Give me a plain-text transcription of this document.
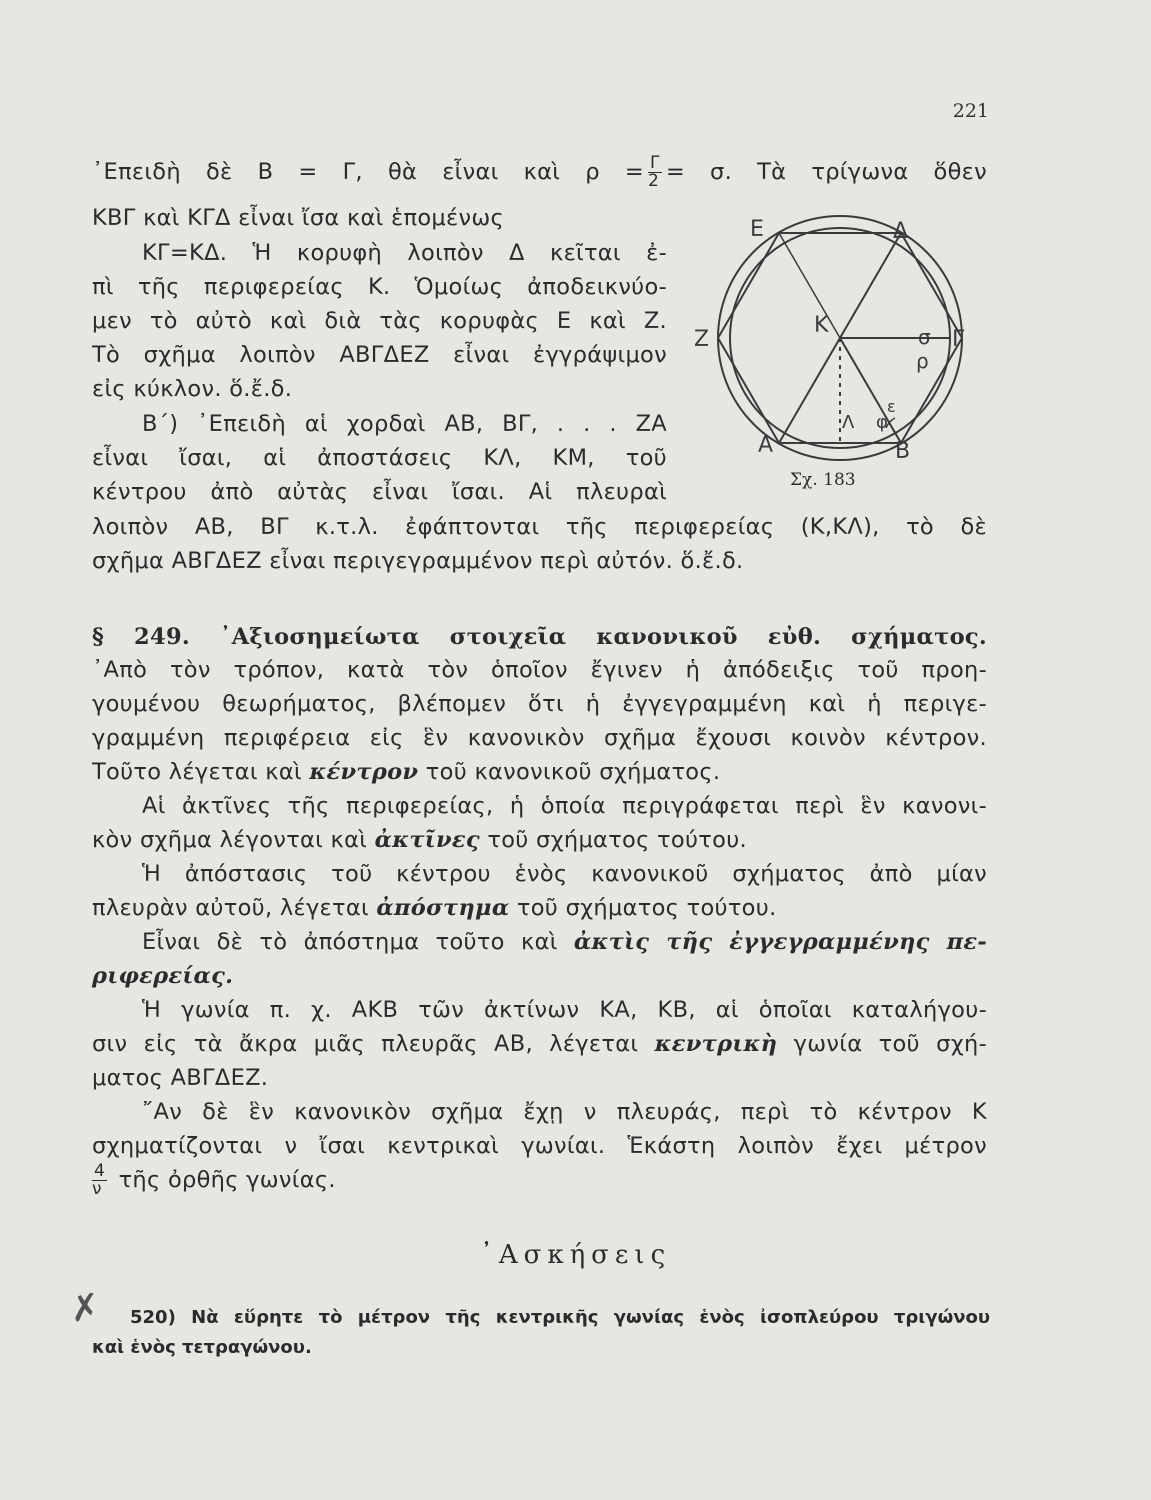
221
᾿Επειδὴ δὲ Β = Γ, θὰ εἶναι καὶ $\rho = \frac{\Gamma}{2} = \sigma$. Τὰ τρίγωνα ὅθεν
ΚΒΓ καὶ ΚΓΔ εἶναι ἴσα καὶ ἑπομένως
ΚΓ=ΚΔ. Ἡ κορυφὴ λοιπὸν Δ κεῖται ἐ-
πὶ τῆς περιφερείας Κ. Ὁμοίως ἀποδεικνύο-
μεν τὸ αὐτὸ καὶ διὰ τὰς κορυφὰς Ε καὶ Ζ.
Τὸ σχῆμα λοιπὸν ΑΒΓΔΕΖ εἶναι ἐγγράψιμον
εἰς κύκλον. ὅ.ἔ.δ.
Β΄) ᾿Επειδὴ αἱ χορδαὶ ΑΒ, ΒΓ, . . . ΖΑ
εἶναι ἴσαι, αἱ ἀποστάσεις ΚΛ, ΚΜ, τοῦ
κέντρου ἀπὸ αὐτὰς εἶναι ἴσαι. Αἱ πλευραὶ
λοιπὸν ΑΒ, ΒΓ κ.τ.λ. ἐφάπτονται τῆς περιφερείας (Κ,ΚΛ), τὸ δὲ
σχῆμα ΑΒΓΔΕΖ εἶναι περιγεγραμμένον περὶ αὐτόν. ὅ.ἔ.δ.
Ε	Δ
Ζ
Κ
Γ
Α	Β
Λ
ρ
σ
φ
ε
Σχ. 183
§ 249. ᾿Αξιοσημείωτα στοιχεῖα κανονικοῦ εὐθ. σχήματος.
᾿Απὸ τὸν τρόπον, κατὰ τὸν ὁποῖον ἔγινεν ἡ ἀπόδειξις τοῦ προη-
γουμένου θεωρήματος, βλέπομεν ὅτι ἡ ἐγγεγραμμένη καὶ ἡ περιγε-
γραμμένη περιφέρεια εἰς ἓν κανονικὸν σχῆμα ἔχουσι κοινὸν κέντρον.
Τοῦτο λέγεται καὶ κέντρον τοῦ κανονικοῦ σχήματος.
Αἱ ἀκτῖνες τῆς περιφερείας, ἡ ὁποία περιγράφεται περὶ ἓν κανονι-
κὸν σχῆμα λέγονται καὶ ἀκτῖνες τοῦ σχήματος τούτου.
Ἡ ἀπόστασις τοῦ κέντρου ἑνὸς κανονικοῦ σχήματος ἀπὸ μίαν
πλευρὰν αὐτοῦ, λέγεται ἀπόστημα τοῦ σχήματος τούτου.
Εἶναι δὲ τὸ ἀπόστημα τοῦτο καὶ ἀκτὶς τῆς ἐγγεγραμμένης πε-
ριφερείας.
Ἡ γωνία π. χ. ΑΚΒ τῶν ἀκτίνων ΚΑ, ΚΒ, αἱ ὁποῖαι καταλήγου-
σιν εἰς τὰ ἄκρα μιᾶς πλευρᾶς ΑΒ, λέγεται κεντρικὴ γωνία τοῦ σχή-
ματος ΑΒΓΔΕΖ.
῎Αν δὲ ἓν κανονικὸν σχῆμα ἔχῃ ν πλευράς, περὶ τὸ κέντρον Κ
σχηματίζονται ν ἴσαι κεντρικαὶ γωνίαι. Ἑκάστη λοιπὸν ἔχει μέτρον
$\frac{4}{\nu}$ τῆς ὀρθῆς γωνίας.
᾿Ασκήσεις
✗ 520) Νὰ εὕρητε τὸ μέτρον τῆς κεντρικῆς γωνίας ἑνὸς ἰσοπλεύρου τριγώνου
καὶ ἑνὸς τετραγώνου.
